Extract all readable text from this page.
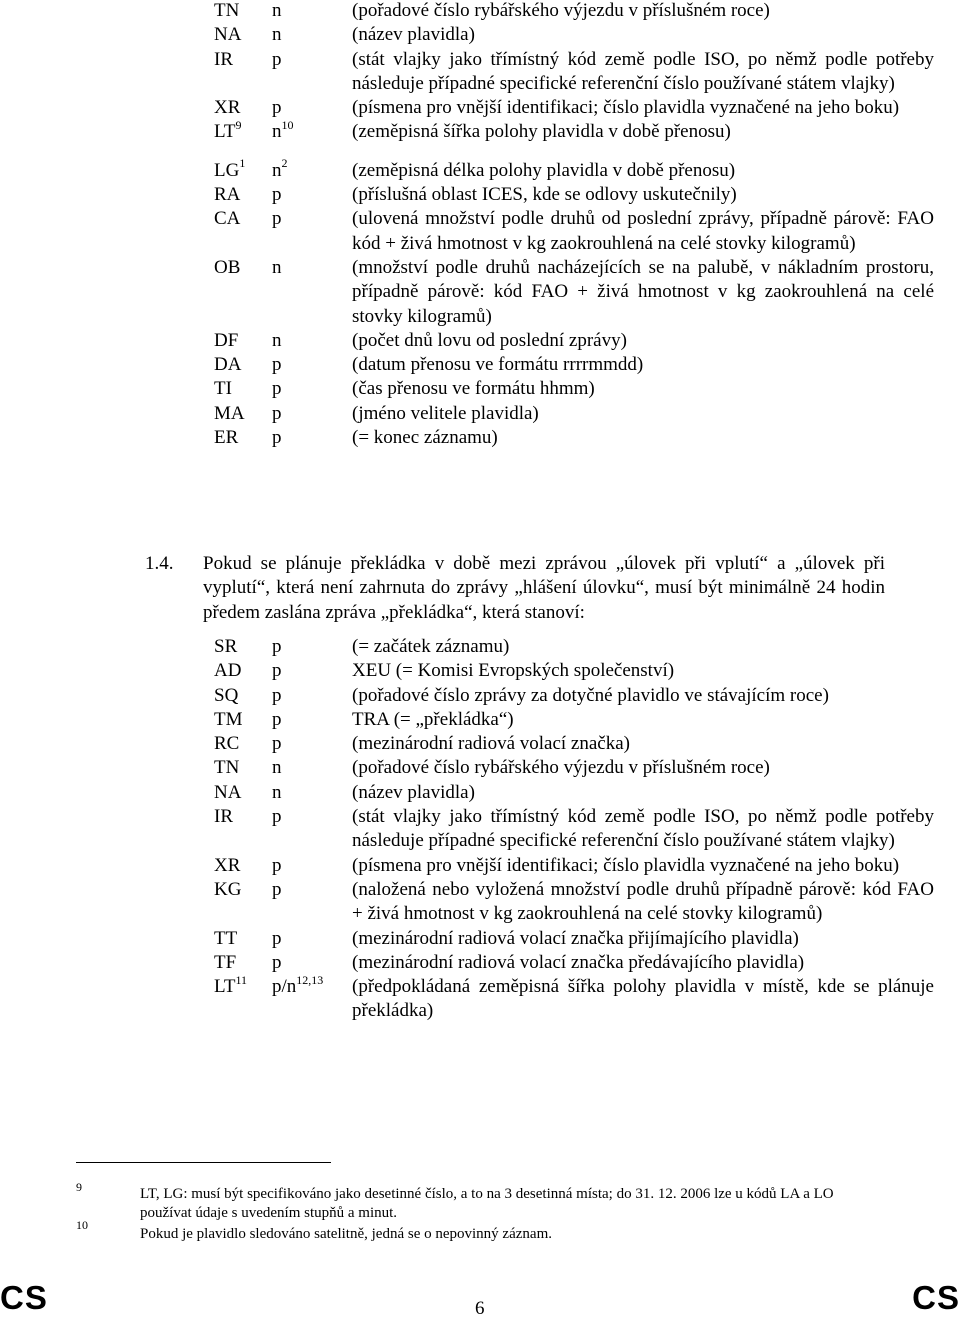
TN	n	(pořadové číslo rybářského výjezdu v příslušném roce)
NA	n	(název plavidla)
IR	p	(stát vlajky jako třímístný kód země podle ISO, po němž podle potřeby následuje případné specifické referenční číslo používané státem vlajky)
XR	p	(písmena pro vnější identifikaci; číslo plavidla vyznačené na jeho boku)
$LT^9$	$n^{10}$	(zeměpisná šířka polohy plavidla v době přenosu)
$LG^1$	$n^2$	(zeměpisná délka polohy plavidla v době přenosu)
RA	p	(příslušná oblast ICES, kde se odlovy uskutečnily)
CA	p	(ulovená množství podle druhů od poslední zprávy, případně párově: FAO kód + živá hmotnost v kg zaokrouhlená na celé stovky kilogramů)
OB	n	(množství podle druhů nacházejících se na palubě, v nákladním prostoru, případně párově: kód FAO + živá hmotnost v kg zaokrouhlená na celé stovky kilogramů)
DF	n	(počet dnů lovu od poslední zprávy)
DA	p	(datum přenosu ve formátu rrrrmmdd)
TI	p	(čas přenosu ve formátu hhmm)
MA	p	(jméno velitele plavidla)
ER	p	(= konec záznamu)
1.4. Pokud se plánuje překládka v době mezi zprávou „úlovek při vplutí“ a „úlovek při vyplutí“, která není zahrnuta do zprávy „hlášení úlovku“, musí být minimálně 24 hodin předem zaslána zpráva „překládka“, která stanoví:
SR	p	(= začátek záznamu)
AD	p	XEU (= Komisi Evropských společenství)
SQ	p	(pořadové číslo zprávy za dotyčné plavidlo ve stávajícím roce)
TM	p	TRA (= „překládka“)
RC	p	(mezinárodní radiová volací značka)
TN	n	(pořadové číslo rybářského výjezdu v příslušném roce)
NA	n	(název plavidla)
IR	p	(stát vlajky jako třímístný kód země podle ISO, po němž podle potřeby následuje případné specifické referenční číslo používané státem vlajky)
XR	p	(písmena pro vnější identifikaci; číslo plavidla vyznačené na jeho boku)
KG	p	(naložená nebo vyložená množství podle druhů případně párově: kód FAO + živá hmotnost v kg zaokrouhlená na celé stovky kilogramů)
TT	p	(mezinárodní radiová volací značka přijímajícího plavidla)
TF	p	(mezinárodní radiová volací značka předávajícího plavidla)
LT$^{11}$	$p/n^{12,13}$	(předpokládaná zeměpisná šířka polohy plavidla v místě, kde se plánuje překládka)
9
10
LT, LG: musí být specifikováno jako desetinné číslo, a to na 3 desetinná místa; do 31. 12. 2006 lze u kódů LA a LO používat údaje s uvedením stupňů a minut.
Pokud je plavidlo sledováno satelitně, jedná se o nepovinný záznam.
CS	6	CS
